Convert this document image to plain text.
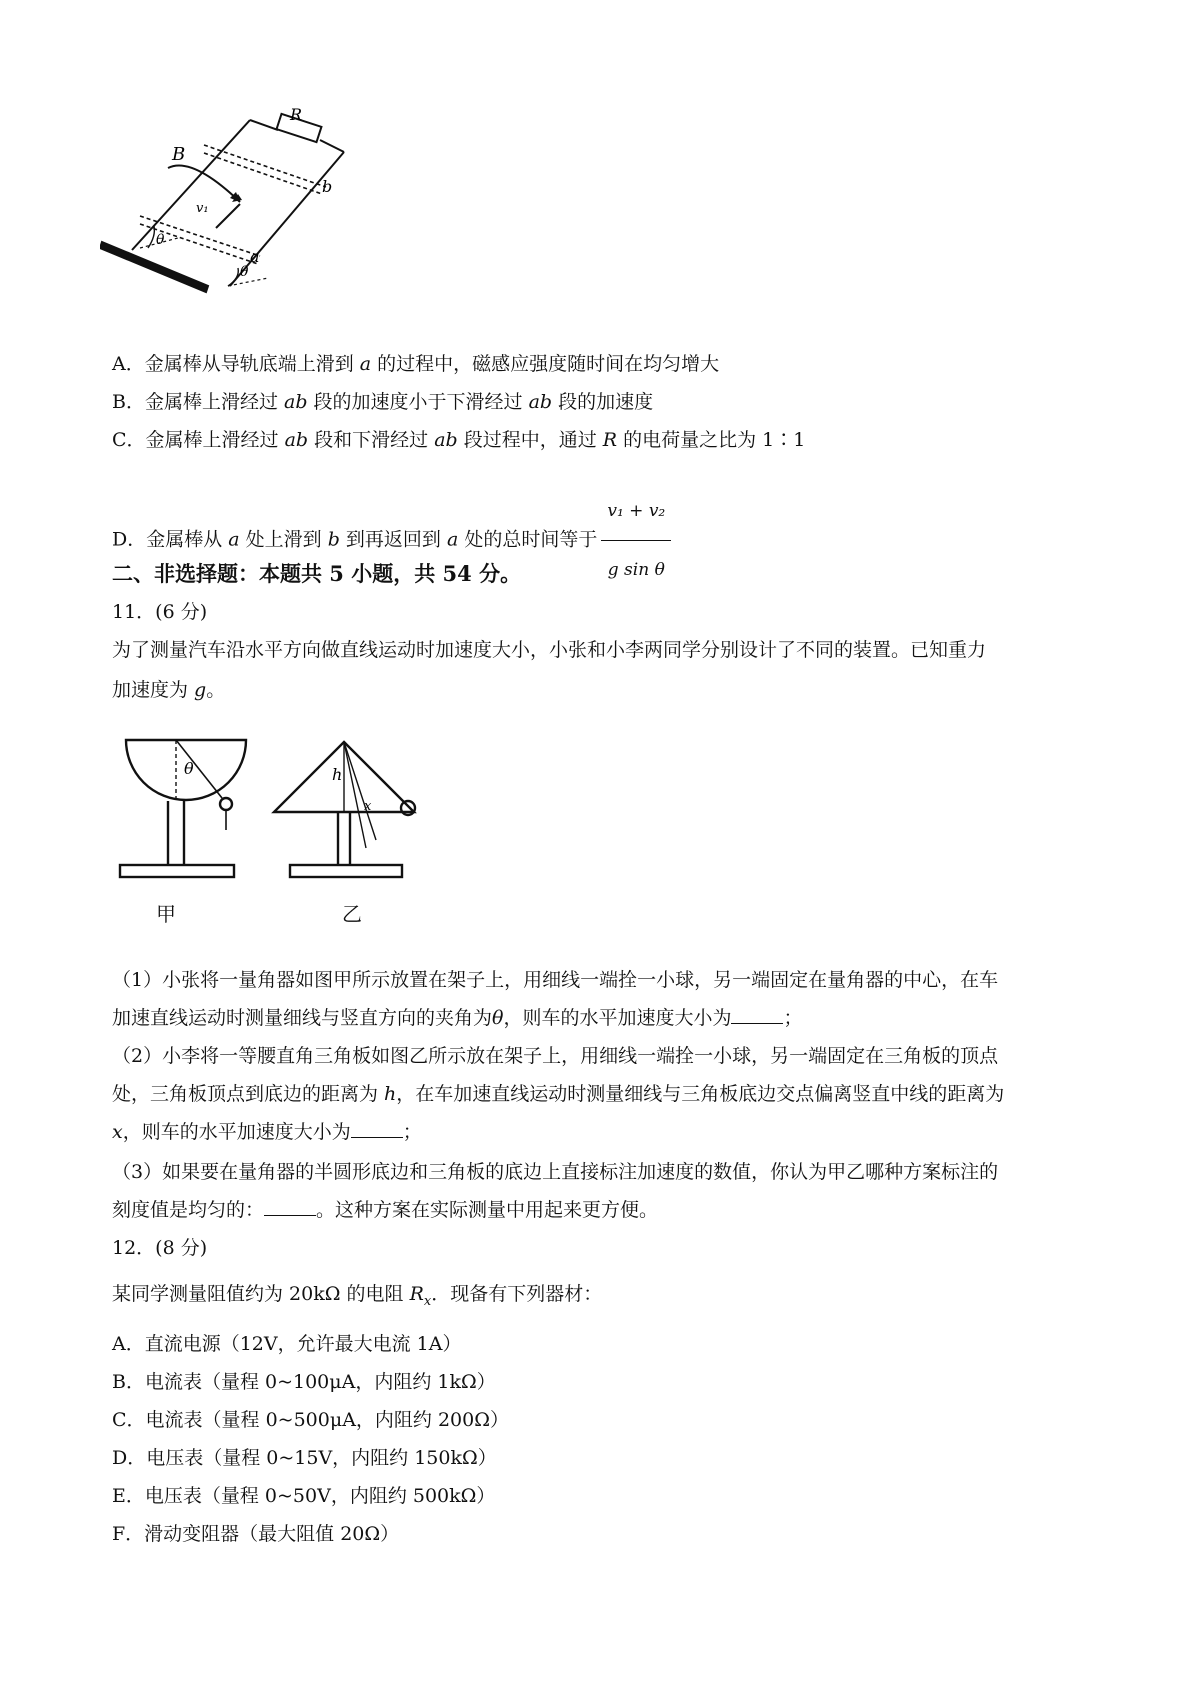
R
B
v₁
b
a
θ
θ
A．金属棒从导轨底端上滑到 a 的过程中，磁感应强度随时间在均匀增大
B．金属棒上滑经过 ab 段的加速度小于下滑经过 ab 段的加速度
C．金属棒上滑经过 ab 段和下滑经过 ab 段过程中，通过 R 的电荷量之比为 1∶1
D．金属棒从 a 处上滑到 b 到再返回到 a 处的总时间等于 $\frac{\text{v₁ + v₂}}{\text{g sin θ}}$
二、非选择题：本题共 5 小题，共 54 分。
11．(6 分)
为了测量汽车沿水平方向做直线运动时加速度大小，小张和小李两同学分别设计了不同的装置。已知重力
加速度为 g。
θ
甲
h
x
乙
（1）小张将一量角器如图甲所示放置在架子上，用细线一端拴一小球，另一端固定在量角器的中心，在车
加速直线运动时测量细线与竖直方向的夹角为θ，则车的水平加速度大小为	；
（2）小李将一等腰直角三角板如图乙所示放在架子上，用细线一端拴一小球，另一端固定在三角板的顶点
处，三角板顶点到底边的距离为 h，在车加速直线运动时测量细线与三角板底边交点偏离竖直中线的距离为
x，则车的水平加速度大小为	；
（3）如果要在量角器的半圆形底边和三角板的底边上直接标注加速度的数值，你认为甲乙哪种方案标注的
刻度值是均匀的：	。这种方案在实际测量中用起来更方便。
12．(8 分)
某同学测量阻值约为 20kΩ 的电阻 $R_x$．现备有下列器材：
A．直流电源（12V，允许最大电流 1A）
B．电流表（量程 0~100μA，内阻约 1kΩ）
C．电流表（量程 0~500μA，内阻约 200Ω）
D．电压表（量程 0~15V，内阻约 150kΩ）
E．电压表（量程 0~50V，内阻约 500kΩ）
F．滑动变阻器（最大阻值 20Ω）
